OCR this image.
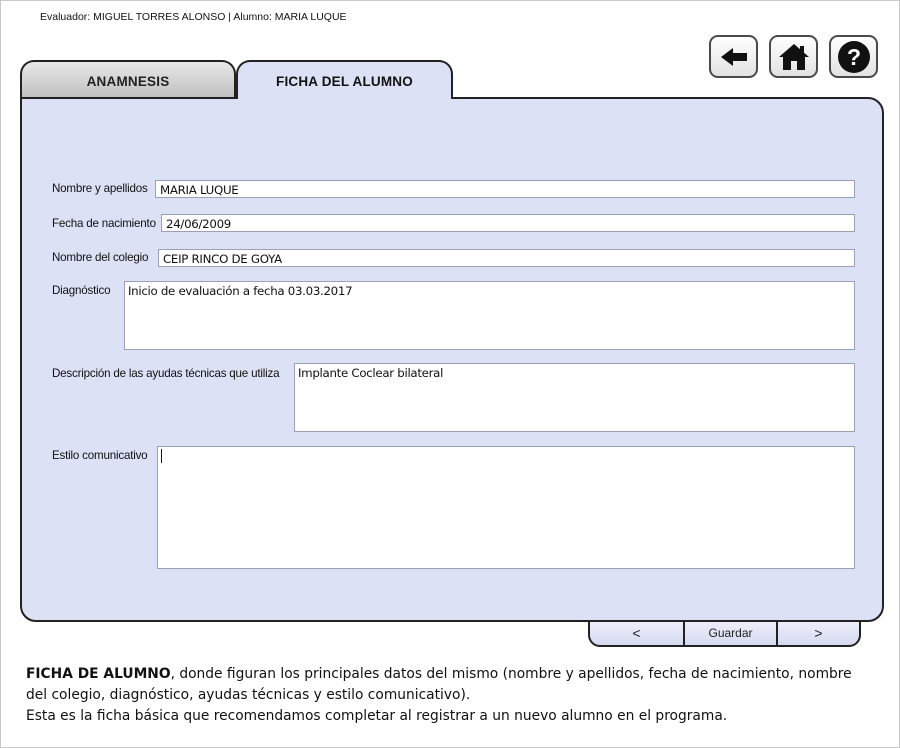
Evaluador: MIGUEL TORRES ALONSO | Alumno: MARIA LUQUE
?
ANAMNESIS	FICHA DEL ALUMNO
Nombre y apellidos	MARIA LUQUE
Fecha de nacimiento 24/06/2009
Nombre del colegio	CEIP RINCO DE GOYA
Diagnóstico	Inicio de evaluación a fecha 03.03.2017
Descripción de las ayudas técnicas que utiliza	Implante Coclear bilateral
Estilo comunicativo
<	Guardar	>
FICHA DE ALUMNO, donde figuran los principales datos del mismo (nombre y apellidos, fecha de nacimiento, nombre del colegio, diagnóstico, ayudas técnicas y estilo comunicativo).
Esta es la ficha básica que recomendamos completar al registrar a un nuevo alumno en el programa.
